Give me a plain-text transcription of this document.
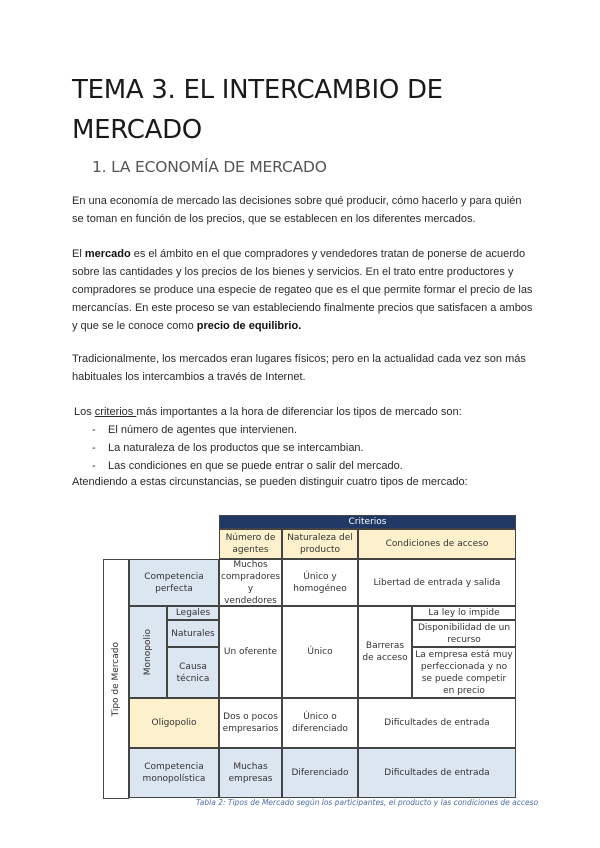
TEMA 3. EL INTERCAMBIO DE MERCADO
1. LA ECONOMÍA DE MERCADO

En una economía de mercado las decisiones sobre qué producir, cómo hacerlo y para quién se toman en función de los precios, que se establecen en los diferentes mercados.

El mercado es el ámbito en el que compradores y vendedores tratan de ponerse de acuerdo sobre las cantidades y los precios de los bienes y servicios. En el trato entre productores y compradores se produce una especie de regateo que es el que permite formar el precio de las mercancías. En este proceso se van estableciendo finalmente precios que satisfacen a ambos y que se le conoce como precio de equilibrio.

Tradicionalmente, los mercados eran lugares físicos; pero en la actualidad cada vez son más habituales los intercambios a través de Internet.

Los criterios más importantes a la hora de diferenciar los tipos de mercado son:

- El número de agentes que intervienen.
- La naturaleza de los productos que se intercambian.
- Las condiciones en que se puede entrar o salir del mercado.

Atendiendo a estas circunstancias, se pueden distinguir cuatro tipos de mercado:

Criterios
Número de agentes
Naturaleza del producto
Condiciones de acceso
Tipo de Mercado
Competencia perfecta
Muchos compradores y vendedores
Único y homogéneo
Libertad de entrada y salida
Monopolio
Legales
Naturales
Causa técnica
Un oferente	Único
Barreras de acceso
La ley lo impide
Disponibilidad de un recurso
La empresa está muy perfeccionada y no se puede competir en precio
Oligopolio
Dos o pocos empresarios
Único o diferenciado
Dificultades de entrada
Competencia monopolística
Muchas empresas
Diferenciado	Dificultades de entrada
Tabla 2: Tipos de Mercado según los participantes, el producto y las condiciones de acceso
